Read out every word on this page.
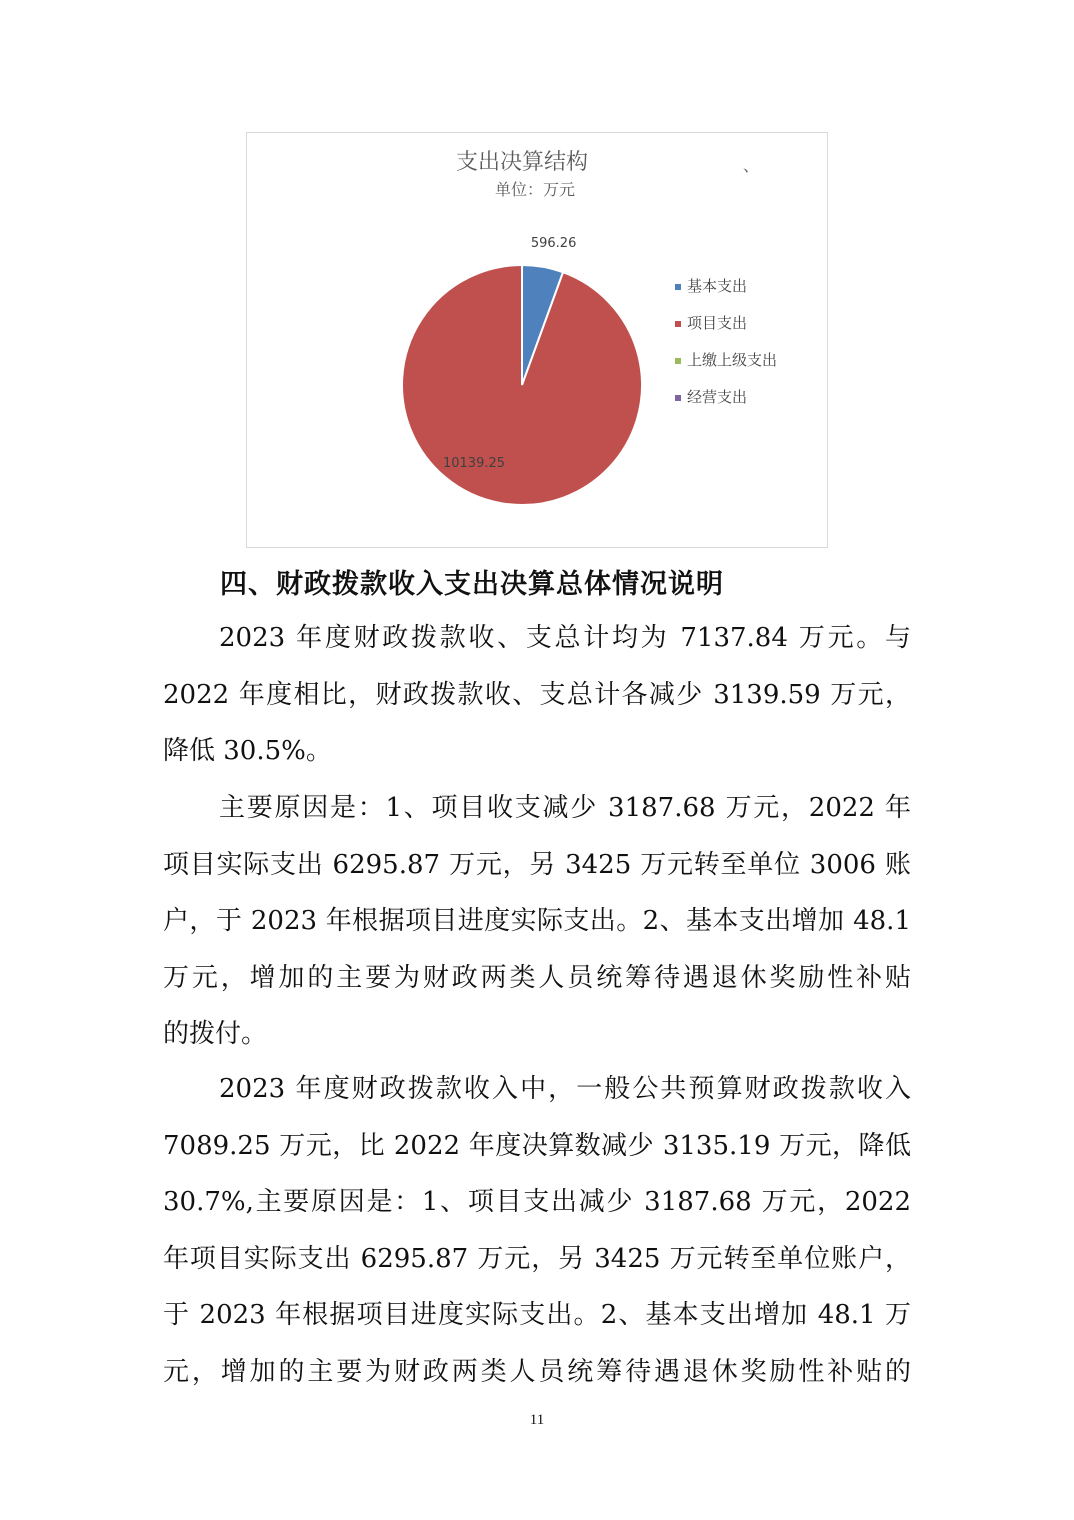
支出决算结构
单位：万元
、
596.26
10139.25
基本支出
项目支出
上缴上级支出
经营支出
四、财政拨款收入支出决算总体情况说明
2023 年度财政拨款收、支总计均为 7137.84 万元。与
2022 年度相比，财政拨款收、支总计各减少 3139.59 万元，
降低 30.5%。
主要原因是：1、项目收支减少 3187.68 万元，2022 年
项目实际支出 6295.87 万元，另 3425 万元转至单位 3006 账
户，于 2023 年根据项目进度实际支出。2、基本支出增加 48.1
万元，增加的主要为财政两类人员统筹待遇退休奖励性补贴
的拨付。
2023 年度财政拨款收入中，一般公共预算财政拨款收入
7089.25 万元，比 2022 年度决算数减少 3135.19 万元，降低
30.7%,主要原因是：1、项目支出减少 3187.68 万元，2022
年项目实际支出 6295.87 万元，另 3425 万元转至单位账户，
于 2023 年根据项目进度实际支出。2、基本支出增加 48.1 万
元，增加的主要为财政两类人员统筹待遇退休奖励性补贴的
11
